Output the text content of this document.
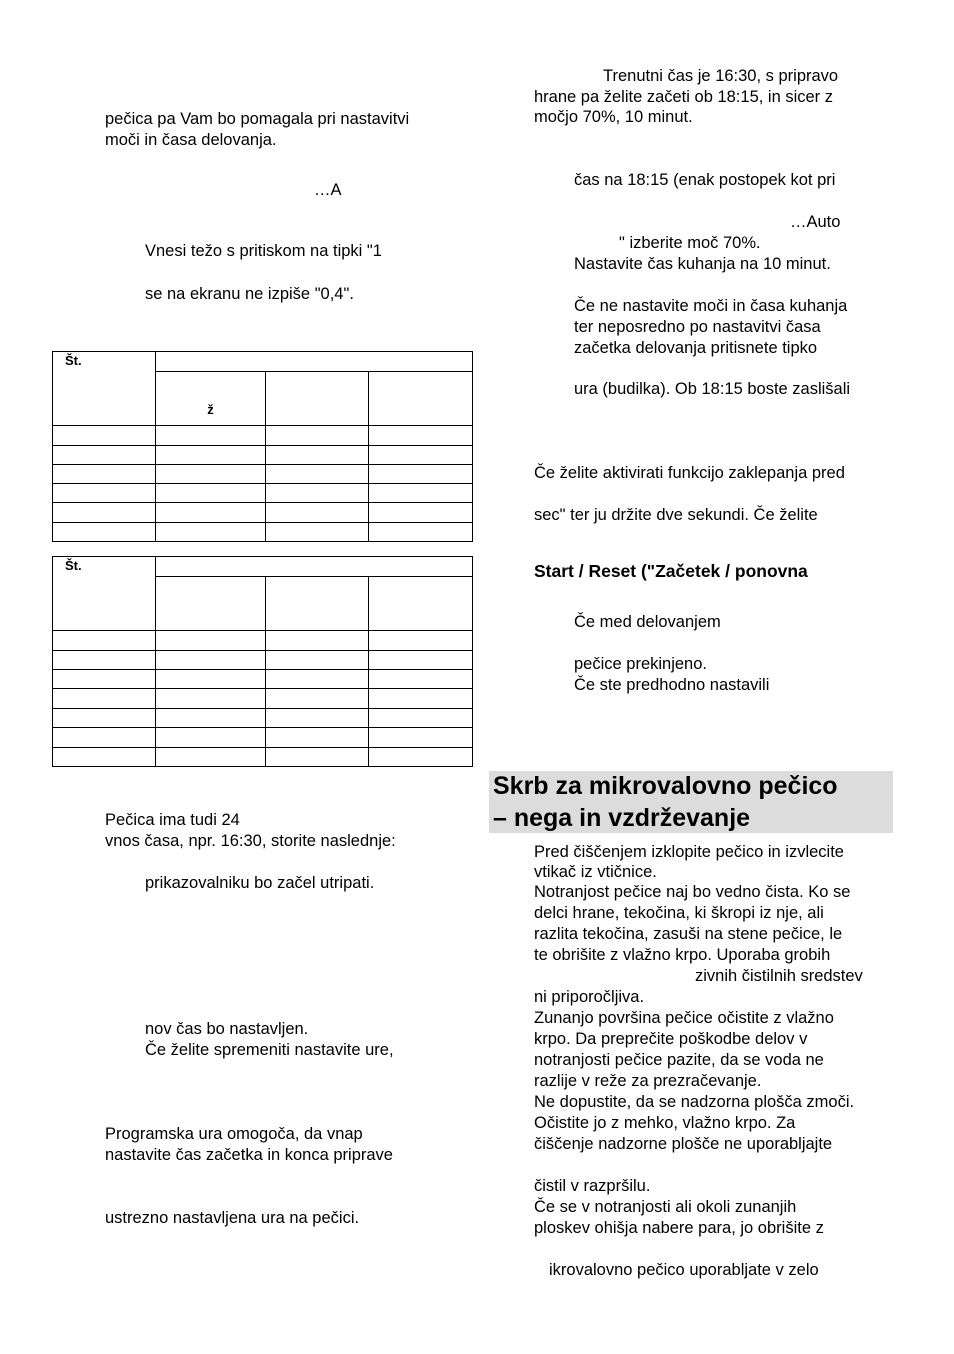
pečica pa Vam bo pomagala pri nastavitvi
moči in časa delovanja.
…A
Vnesi težo s pritiskom na tipki "1
se na ekranu ne izpiše "0,4".
Št.			
	ž		

Št.			

Pečica ima tudi 24
vnos časa, npr. 16:30, storite naslednje:
prikazovalniku bo začel utripati.
nov čas bo nastavljen.
Če želite spremeniti nastavite ure,
Programska ura omogoča, da vnap
nastavite čas začetka in konca priprave
ustrezno nastavljena ura na pečici.
Trenutni čas je 16:30, s pripravo
hrane pa želite začeti ob 18:15, in sicer z
močjo 70%, 10 minut.
čas na 18:15 (enak postopek kot pri
…Auto
" izberite moč 70%.
Nastavite čas kuhanja na 10 minut.
Če ne nastavite moči in časa kuhanja
ter neposredno po nastavitvi časa
začetka delovanja pritisnete tipko
ura (budilka). Ob 18:15 boste zaslišali
Če želite aktivirati funkcijo zaklepanja pred
sec" ter ju držite dve sekundi. Če želite
Start / Reset ("Začetek / ponovna
Če med delovanjem
pečice prekinjeno.
Če ste predhodno nastavili
Skrb za mikrovalovno pečico
– nega in vzdrževanje
Pred čiščenjem izklopite pečico in izvlecite
vtikač iz vtičnice.
Notranjost pečice naj bo vedno čista. Ko se
delci hrane, tekočina, ki škropi iz nje, ali
razlita tekočina, zasuši na stene pečice, le
te obrišite z vlažno krpo. Uporaba grobih
zivnih čistilnih sredstev
ni priporočljiva.
Zunanjo površina pečice očistite z vlažno
krpo. Da preprečite poškodbe delov v
notranjosti pečice pazite, da se voda ne
razlije v reže za prezračevanje.
Ne dopustite, da se nadzorna plošča zmoči.
Očistite jo z mehko, vlažno krpo. Za
čiščenje nadzorne plošče ne uporabljajte
čistil v razpršilu.
Če se v notranjosti ali okoli zunanjih
ploskev ohišja nabere para, jo obrišite z
ikrovalovno pečico uporabljate v zelo
